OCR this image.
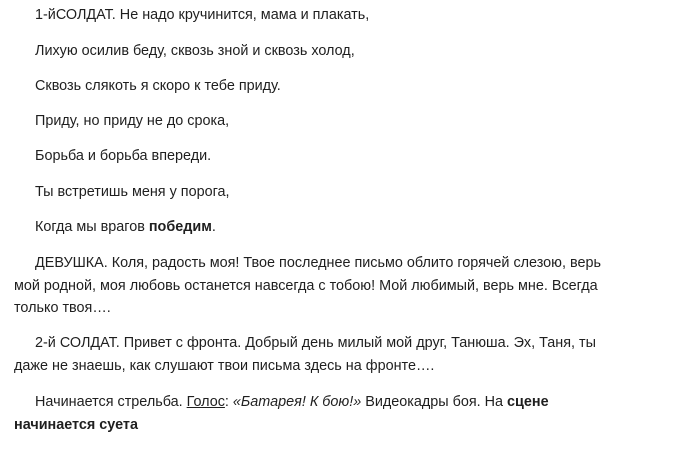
1-йСОЛДАТ. Не надо кручинится, мама и плакать,

Лихую осилив беду, сквозь зной и сквозь холод,

Сквозь слякоть я скоро к тебе приду.

Приду, но приду не до срока,

Борьба и борьба впереди.

Ты встретишь меня у порога,

Когда мы врагов победим.

ДЕВУШКА. Коля, радость моя! Твое последнее письмо облито горячей слезою, верь мой родной, моя любовь останется навсегда с тобою! Мой любимый, верь мне. Всегда только твоя….

2-й СОЛДАТ. Привет с фронта. Добрый день милый мой друг, Танюша. Эх, Таня, ты даже не знаешь, как слушают твои письма здесь на фронте….

Начинается стрельба. Голос: «Батарея! К бою!» Видеокадры боя. На сцене начинается суета
